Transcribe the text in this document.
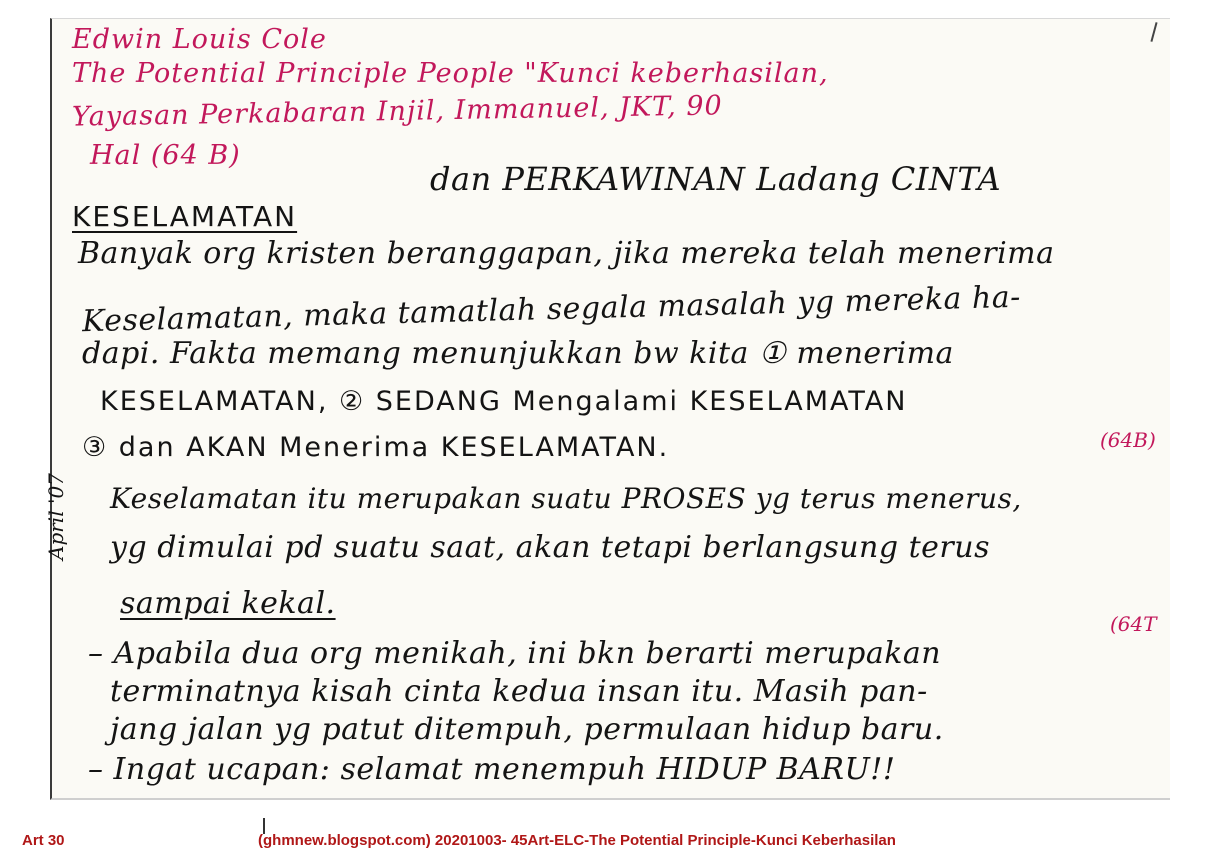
Edwin Louis Cole
The Potential Principle People "Kunci keberhasilan,
Yayasan Perkabaran Injil, Immanuel, JKT, 90
Hal (64 B)
dan PERKAWINAN Ladang CINTA
KESELAMATAN
Banyak org kristen beranggapan, jika mereka telah menerima
Keselamatan, maka tamatlah segala masalah yg mereka ha-
dapi. Fakta memang menunjukkan bw kita ① menerima
KESELAMATAN, ② SEDANG Mengalami KESELAMATAN
③ dan AKAN Menerima KESELAMATAN.
Keselamatan itu merupakan suatu PROSES yg terus menerus,
yg dimulai pd suatu saat, akan tetapi berlangsung terus
sampai kekal.
– Apabila dua org menikah, ini bkn berarti merupakan
terminatnya kisah cinta kedua insan itu. Masih pan-
jang jalan yg patut ditempuh, permulaan hidup baru.
– Ingat ucapan: selamat menempuh HIDUP BARU!!
(64B)
(64T
April '07
Art 30	(ghmnew.blogspot.com) 20201003- 45Art-ELC-The Potential Principle-Kunci Keberhasilan
